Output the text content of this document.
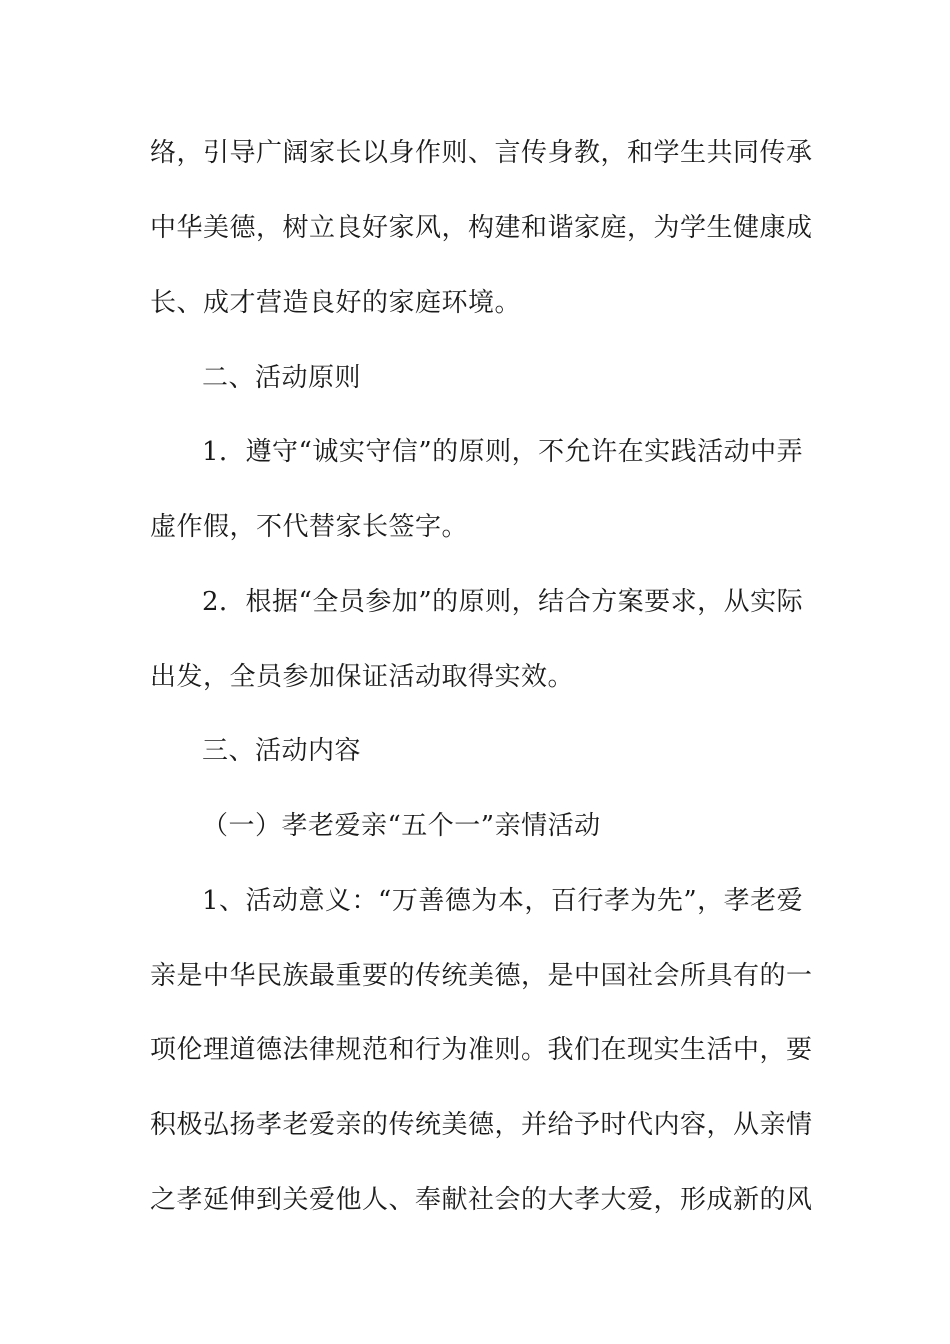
络，引导广阔家长以身作则、言传身教，和学生共同传承
中华美德，树立良好家风，构建和谐家庭，为学生健康成
长、成才营造良好的家庭环境。
二、活动原则
1．遵守“诚实守信”的原则，不允许在实践活动中弄
虚作假，不代替家长签字。
2．根据“全员参加”的原则，结合方案要求，从实际
出发，全员参加保证活动取得实效。
三、活动内容
（一）孝老爱亲“五个一”亲情活动
1、活动意义：“万善德为本，百行孝为先”，孝老爱
亲是中华民族最重要的传统美德，是中国社会所具有的一
项伦理道德法律规范和行为准则。我们在现实生活中，要
积极弘扬孝老爱亲的传统美德，并给予时代内容，从亲情
之孝延伸到关爱他人、奉献社会的大孝大爱，形成新的风
